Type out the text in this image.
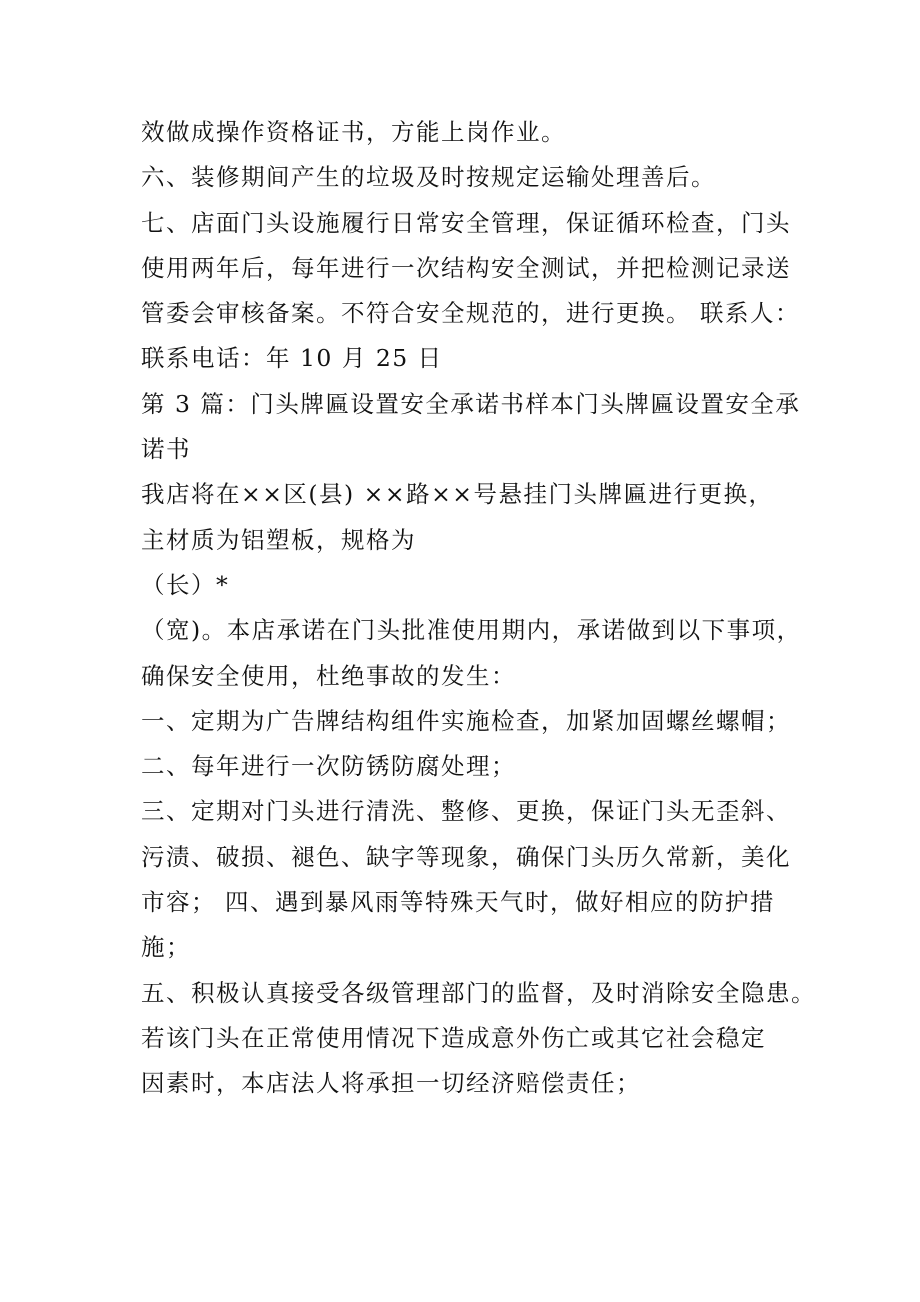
效做成操作资格证书，方能上岗作业。
六、装修期间产生的垃圾及时按规定运输处理善后。
七、店面门头设施履行日常安全管理，保证循环检查，门头
使用两年后，每年进行一次结构安全测试，并把检测记录送
管委会审核备案。不符合安全规范的，进行更换。 联系人：
联系电话：年 10 月 25 日
第 3 篇：门头牌匾设置安全承诺书样本门头牌匾设置安全承
诺书
我店将在××区(县) ××路××号悬挂门头牌匾进行更换，
主材质为铝塑板，规格为
（长）*
（宽)。本店承诺在门头批准使用期内，承诺做到以下事项，
确保安全使用，杜绝事故的发生：
一、定期为广告牌结构组件实施检查，加紧加固螺丝螺帽；
二、每年进行一次防锈防腐处理；
三、定期对门头进行清洗、整修、更换，保证门头无歪斜、
污渍、破损、褪色、缺字等现象，确保门头历久常新，美化
市容； 四、遇到暴风雨等特殊天气时，做好相应的防护措
施；
五、积极认真接受各级管理部门的监督，及时消除安全隐患。
若该门头在正常使用情况下造成意外伤亡或其它社会稳定
因素时，本店法人将承担一切经济赔偿责任；
